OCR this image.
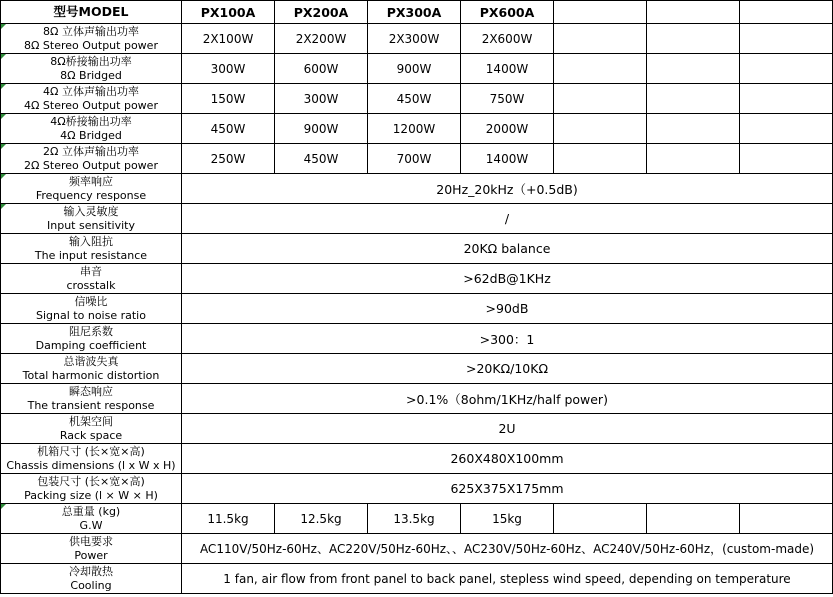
型号MODEL	PX100A	PX200A	PX300A	PX600A			

8Ω 立体声输出功率
8Ω Stereo Output power	2X100W	2X200W	2X300W	2X600W			

8Ω桥接输出功率
8Ω Bridged	300W	600W	900W	1400W			

4Ω 立体声输出功率
4Ω Stereo Output power	150W	300W	450W	750W			

4Ω桥接输出功率
4Ω Bridged	450W	900W	1200W	2000W			

2Ω 立体声输出功率
2Ω Stereo Output power	250W	450W	700W	1400W			

频率响应
Frequency response	20Hz_20kHz（+0.5dB)						

输入灵敏度
Input sensitivity	/						

输入阻抗
The input resistance	20KΩ balance						

串音
crosstalk	>62dB@1KHz						

信噪比
Signal to noise ratio	>90dB						

阻尼系数
Damping coefficient	>300：1						

总谐波失真
Total harmonic distortion	>20KΩ/10KΩ						

瞬态响应
The transient response	>0.1%（8ohm/1KHz/half power)						

机架空间
Rack space	2U						

机箱尺寸 (长×宽×高)
Chassis dimensions (l x W x H)	260X480X100mm						

包装尺寸 (长×宽×高)
Packing size (l × W × H)	625X375X175mm						

总重量 (kg)
G.W	11.5kg	12.5kg	13.5kg	15kg			

供电要求
Power	AC110V/50Hz-60Hz、AC220V/50Hz-60Hz、、AC230V/50Hz-60Hz、AC240V/50Hz-60Hz，(custom-made)						

冷却散热
Cooling	1 fan, air flow from front panel to back panel, stepless wind speed, depending on temperature						
